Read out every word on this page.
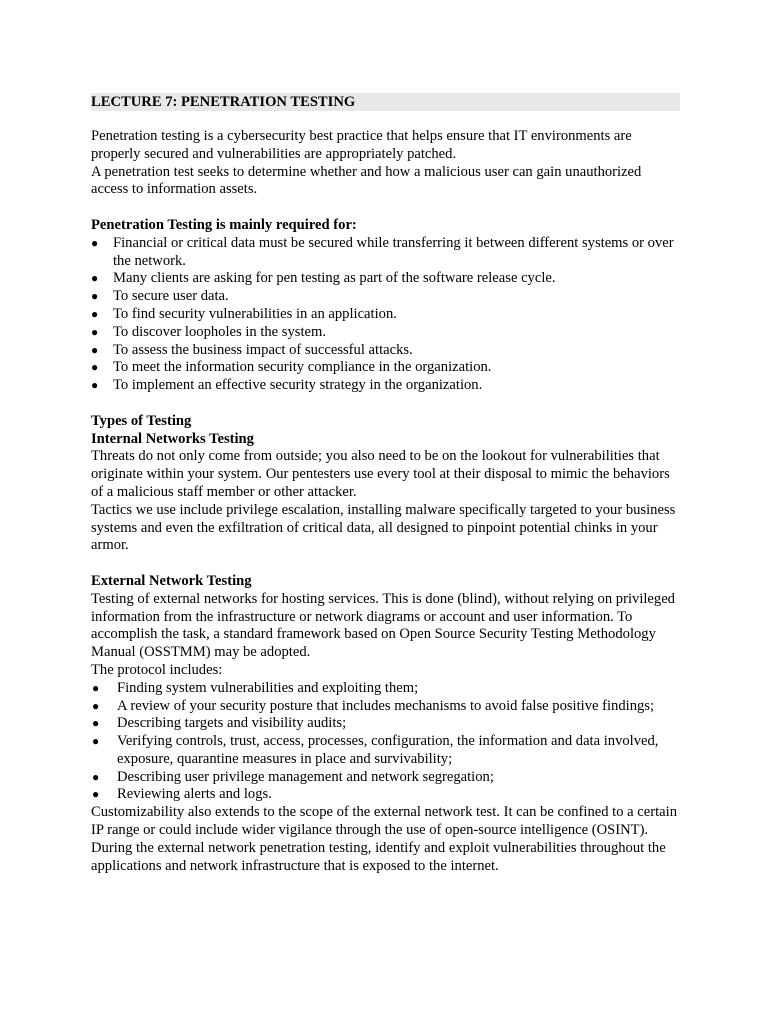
LECTURE 7: PENETRATION TESTING

Penetration testing is a cybersecurity best practice that helps ensure that IT environments are properly secured and vulnerabilities are appropriately patched.

A penetration test seeks to determine whether and how a malicious user can gain unauthorized access to information assets.

Penetration Testing is mainly required for:

● Financial or critical data must be secured while transferring it between different systems or over the network.
● Many clients are asking for pen testing as part of the software release cycle.
● To secure user data.
● To find security vulnerabilities in an application.
● To discover loopholes in the system.
● To assess the business impact of successful attacks.
● To meet the information security compliance in the organization.
● To implement an effective security strategy in the organization.

Types of Testing

Internal Networks Testing

Threats do not only come from outside; you also need to be on the lookout for vulnerabilities that originate within your system. Our pentesters use every tool at their disposal to mimic the behaviors of a malicious staff member or other attacker.

Tactics we use include privilege escalation, installing malware specifically targeted to your business systems and even the exfiltration of critical data, all designed to pinpoint potential chinks in your armor.

External Network Testing

Testing of external networks for hosting services. This is done (blind), without relying on privileged information from the infrastructure or network diagrams or account and user information. To accomplish the task, a standard framework based on Open Source Security Testing Methodology Manual (OSSTMM) may be adopted.

The protocol includes:

● Finding system vulnerabilities and exploiting them;
● A review of your security posture that includes mechanisms to avoid false positive findings;
● Describing targets and visibility audits;
● Verifying controls, trust, access, processes, configuration, the information and data involved, exposure, quarantine measures in place and survivability;
● Describing user privilege management and network segregation;
● Reviewing alerts and logs.

Customizability also extends to the scope of the external network test. It can be confined to a certain IP range or could include wider vigilance through the use of open-source intelligence (OSINT). During the external network penetration testing, identify and exploit vulnerabilities throughout the applications and network infrastructure that is exposed to the internet.
